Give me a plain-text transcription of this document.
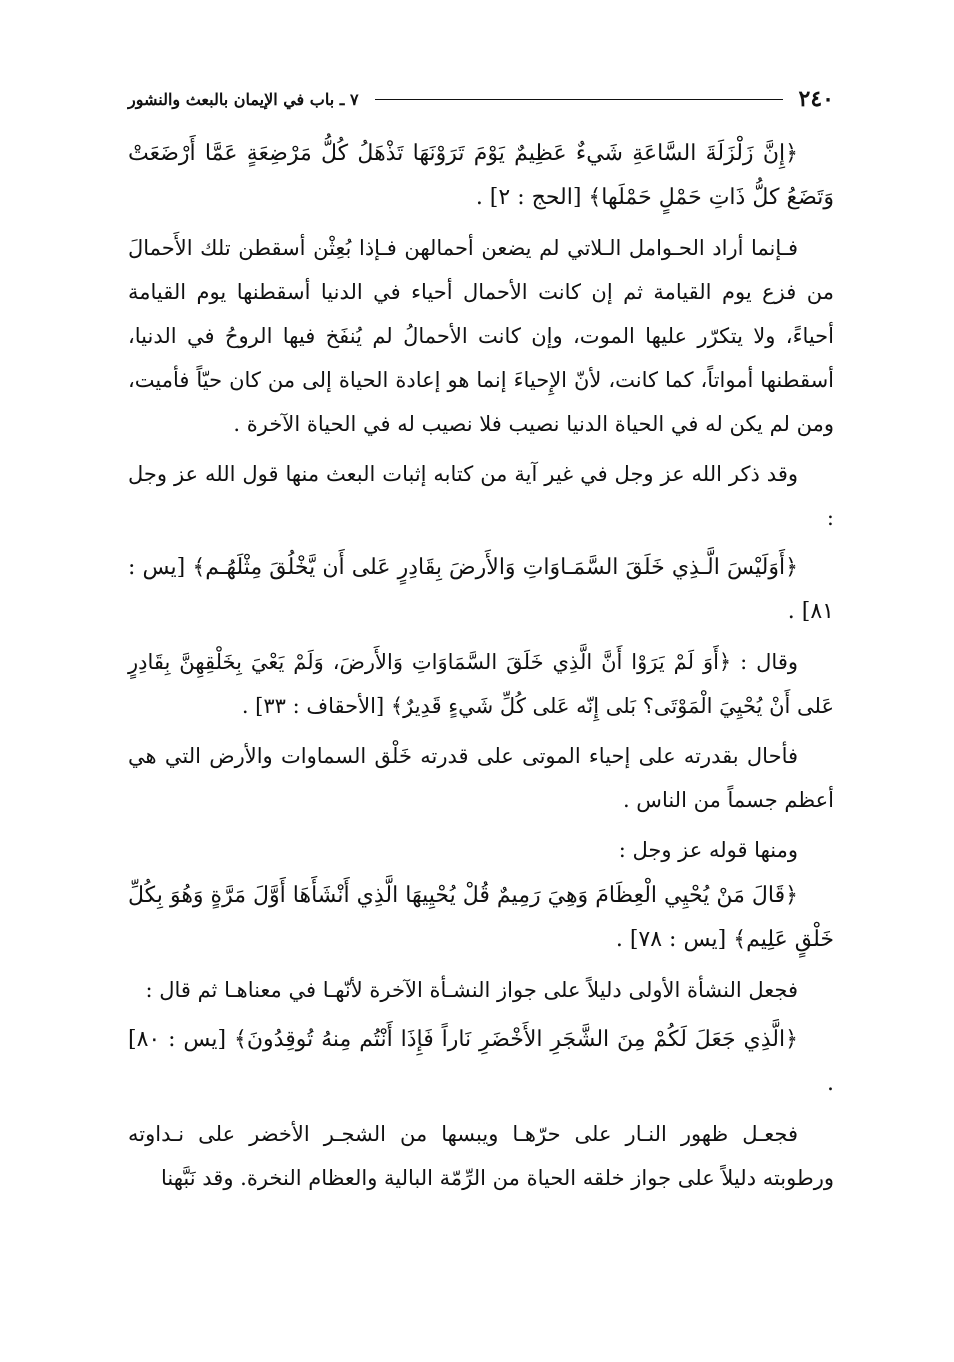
٢٤٠
٧ ـ باب في الإيمان بالبعث والنشور

﴿إِنَّ زَلْزَلَةَ السَّاعَةِ شَيءٌ عَظِيمٌ يَوْمَ تَرَوْنَهَا تَذْهَلُ كُلُّ مَرْضِعَةٍ عَمَّا أَرْضَعَتْ وَتَضَعُ كلُّ ذَاتِ حَمْلٍ حَمْلَها﴾ [الحج : ٢] .

فـإنما أراد الحـوامل الـلاتي لم يضعن أحمالهن فـإذا بُعِثْن أسقطن تلك الأَحمالَ من فزع يوم القيامة ثم إن كانت الأحمال أحياء في الدنيا أسقطنها يوم القيامة أحياءً، ولا يتكرّر عليها الموت، وإن كانت الأحمالُ لم يُنفَخ فيها الروحُ في الدنيا، أسقطنها أمواتاً، كما كانت، لأنّ الإِحياءَ إنما هو إعادة الحياة إلى من كان حيّاً فأميت، ومن لم يكن له في الحياة الدنيا نصيب فلا نصيب له في الحياة الآخرة .

وقد ذكر الله عز وجل في غير آية من كتابه إثبات البعث منها قول الله عز وجل :

﴿أَوَلَيْسَ الَّـذِي خَلَقَ السَّمَـاوَاتِ وَالأَرضَ بِقَادِرٍ عَلى أَن يَّخْلُقَ مِثْلَهُـم﴾ [يس : ٨١] .

وقال : ﴿أَوَ لَمْ يَرَوْا أَنَّ الَّذِي خَلَقَ السَّمَاوَاتِ وَالأَرضَ، وَلَمْ يَعْيَ بِخَلْقِهِنَّ بِقَادِرٍ عَلى أَنْ يُحْيِيَ الْمَوْتَى؟ بَلى إِنّه عَلى كُلِّ شَيءٍ قَدِيرٌ﴾ [الأحقاف : ٣٣] .

فأحال بقدرته على إحياء الموتى على قدرته خَلْق السماوات والأرض التي هي أعظم جسماً من الناس .

ومنها قوله عز وجل :

﴿قَالَ مَنْ يُحْيِي الْعِظَامَ وَهِيَ رَمِيمٌ قُلْ يُحْيِيهَا الَّذِي أَنْشَأَهَا أَوَّلَ مَرَّةٍ وَهُوَ بِكُلِّ خَلْقٍ عَلِيم﴾ [يس : ٧٨] .

فجعل النشأة الأولى دليلاً على جواز النشـأة الآخرة لأنّهـا في معناهـا ثم قال :

﴿الَّذِي جَعَلَ لَكُمْ مِنَ الشَّجَرِ الأَخْضَرِ نَاراً فَإِذَا أَنْتُم مِنهُ تُوقِدُونَ﴾ [يس : ٨٠] .

فجعـل ظهور النـار على حرّهـا ويبسها من الشجـر الأخضر على نـداوته ورطوبته دليلاً على جواز خلقه الحياة من الرِّمّة البالية والعظام النخرة. وقد نَبَّهنا
